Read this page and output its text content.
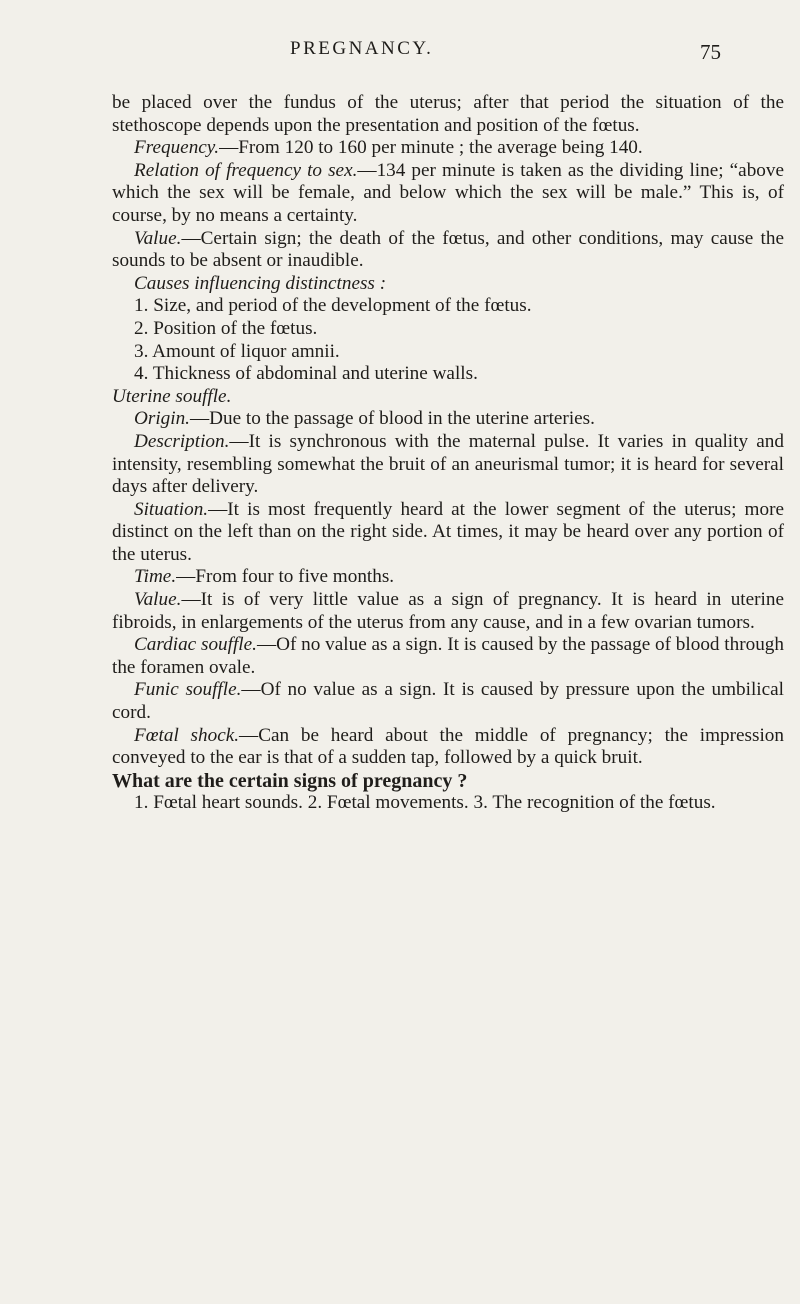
PREGNANCY.	75

be placed over the fundus of the uterus; after that period the situation of the stethoscope depends upon the presentation and position of the fœtus.

Frequency.—From 120 to 160 per minute ; the average being 140.

Relation of frequency to sex.—134 per minute is taken as the dividing line; “above which the sex will be female, and below which the sex will be male.” This is, of course, by no means a certainty.

Value.—Certain sign; the death of the fœtus, and other conditions, may cause the sounds to be absent or inaudible.

Causes influencing distinctness :

1. Size, and period of the development of the fœtus.

2. Position of the fœtus.

3. Amount of liquor amnii.

4. Thickness of abdominal and uterine walls.

Uterine souffle.

Origin.—Due to the passage of blood in the uterine arteries.

Description.—It is synchronous with the maternal pulse. It varies in quality and intensity, resembling somewhat the bruit of an aneurismal tumor; it is heard for several days after delivery.

Situation.—It is most frequently heard at the lower segment of the uterus; more distinct on the left than on the right side. At times, it may be heard over any portion of the uterus.

Time.—From four to five months.

Value.—It is of very little value as a sign of pregnancy. It is heard in uterine fibroids, in enlargements of the uterus from any cause, and in a few ovarian tumors.

Cardiac souffle.—Of no value as a sign. It is caused by the passage of blood through the foramen ovale.

Funic souffle.—Of no value as a sign. It is caused by pressure upon the umbilical cord.

Fœtal shock.—Can be heard about the middle of pregnancy; the impression conveyed to the ear is that of a sudden tap, followed by a quick bruit.

What are the certain signs of pregnancy ?

1. Fœtal heart sounds. 2. Fœtal movements. 3. The recognition of the fœtus.
